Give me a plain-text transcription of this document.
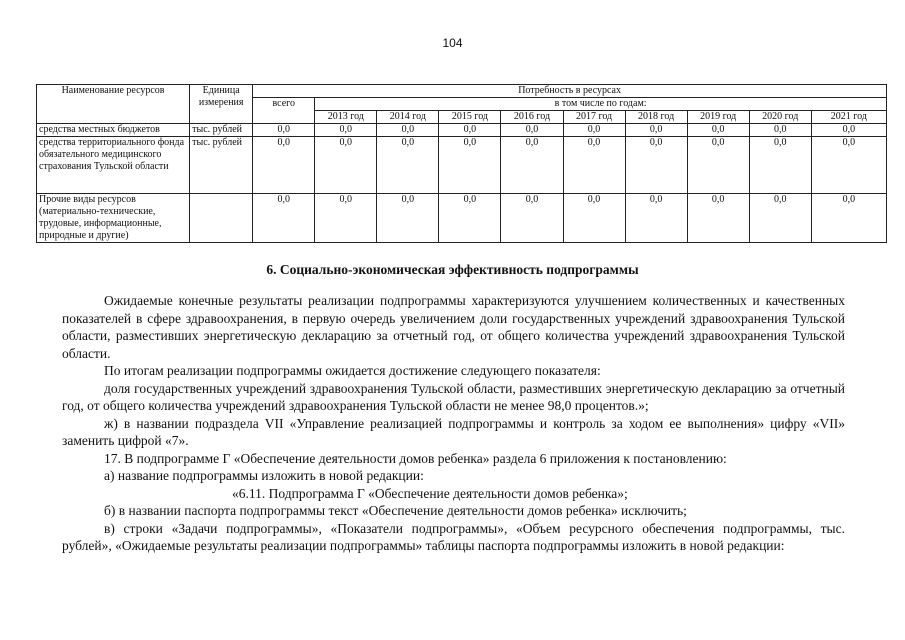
104
Наименование ресурсов	Единица измерения	Потребность в ресурсах									
		всего	в том числе по годам:								
			2013 год	2014 год	2015 год	2016 год	2017 год	2018 год	2019 год	2020 год	2021 год
средства местных бюджетов	тыс. рублей	0,0	0,0	0,0	0,0	0,0	0,0	0,0	0,0	0,0	0,0
средства территориального фонда обязательного медицинского страхования Тульской области	тыс. рублей	0,0	0,0	0,0	0,0	0,0	0,0	0,0	0,0	0,0	0,0
Прочие виды ресурсов (материально-технические, трудовые, информационные, природные и другие)		0,0	0,0	0,0	0,0	0,0	0,0	0,0	0,0	0,0	0,0
6. Социально-экономическая эффективность подпрограммы

Ожидаемые конечные результаты реализации подпрограммы характеризуются улучшением количественных и качественных показателей в сфере здравоохранения, в первую очередь увеличением доли государственных учреждений здравоохранения Тульской области, разместивших энергетическую декларацию за отчетный год, от общего количества учреждений здравоохранения Тульской области.

По итогам реализации подпрограммы ожидается достижение следующего показателя:

доля государственных учреждений здравоохранения Тульской области, разместивших энергетическую декларацию за отчетный год, от общего количества учреждений здравоохранения Тульской области не менее 98,0 процентов.»;

ж) в названии подраздела VII «Управление реализацией подпрограммы и контроль за ходом ее выполнения» цифру «VII» заменить цифрой «7».

17. В подпрограмме Г «Обеспечение деятельности домов ребенка» раздела 6 приложения к постановлению:

а) название подпрограммы изложить в новой редакции:

«6.11. Подпрограмма Г «Обеспечение деятельности домов ребенка»;

б) в названии паспорта подпрограммы текст «Обеспечение деятельности домов ребенка» исключить;

в) строки «Задачи подпрограммы», «Показатели подпрограммы», «Объем ресурсного обеспечения подпрограммы, тыс. рублей», «Ожидаемые результаты реализации подпрограммы» таблицы паспорта подпрограммы изложить в новой редакции:
